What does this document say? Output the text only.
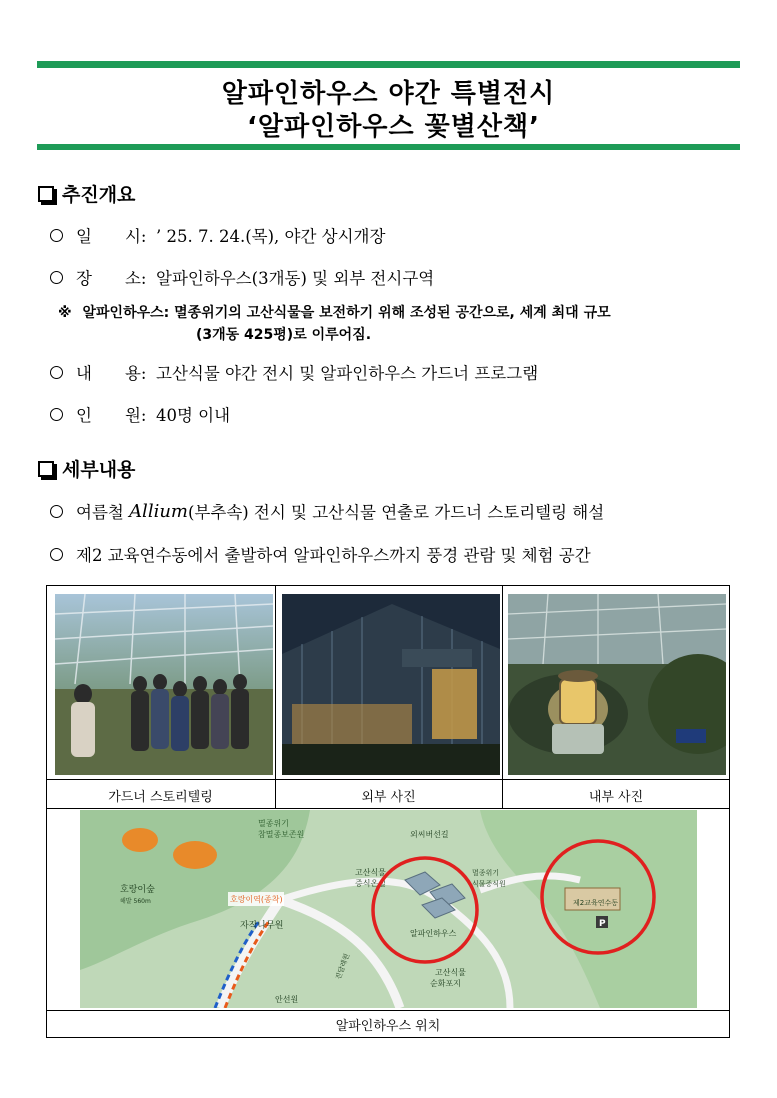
알파인하우스 야간 특별전시
‘알파인하우스 꽃별산책’
추진개요
일　　시: ’ 25. 7. 24.(목), 야간 상시개장
장　　소: 알파인하우스(3개동) 및 외부 전시구역
※ 알파인하우스: 멸종위기의 고산식물을 보전하기 위해 조성된 공간으로, 세계 최대 규모
(3개동 425평)로 이루어짐.
내　　용: 고산식물 야간 전시 및 알파인하우스 가드너 프로그램
인　　원: 40명 이내
세부내용
여름철 Allium (부추속) 전시 및 고산식물 연출로 가드너 스토리텔링 해설
제2 교육연수동에서 출발하여 알파인하우스까지 풍경 관람 및 체험 공간
가드너 스토리텔링	외부 사진	내부 사진
멸종위기
참멸종보존원
호랑이숲
해발 560m	호랑이역(종착)
자작나무원
외씨버선길
고산식물
증식온실
멸종위기
식물증식원
알파인하우스
제2교육연수동
P
고산식물
순화포지
안선원
진달래원
알파인하우스 위치
